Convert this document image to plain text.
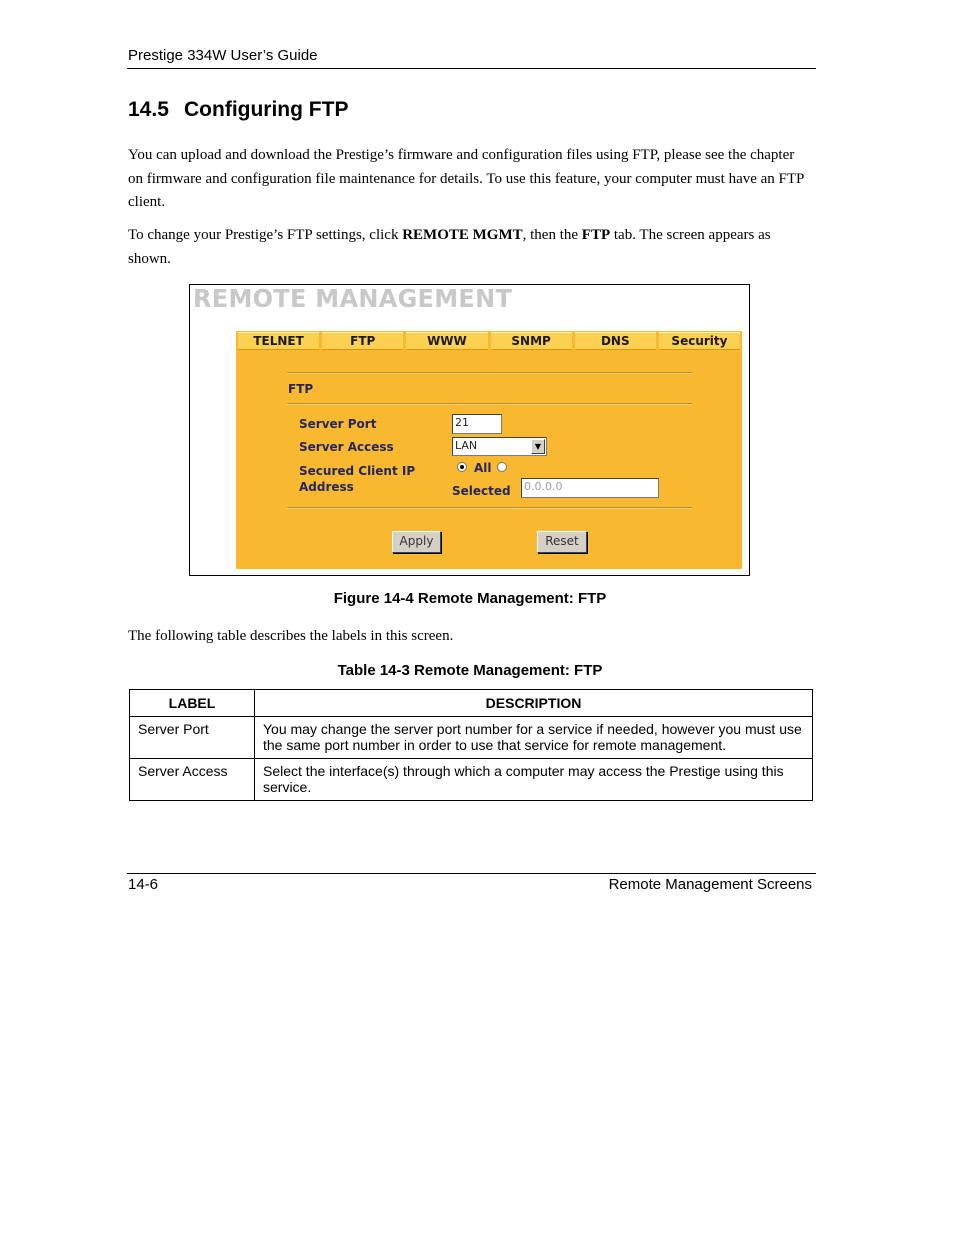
Prestige 334W User’s Guide
14.5 Configuring FTP
You can upload and download the Prestige’s firmware and configuration files using FTP, please see the chapter on firmware and configuration file maintenance for details. To use this feature, your computer must have an FTP client.
To change your Prestige’s FTP settings, click REMOTE MGMT, then the FTP tab. The screen appears as shown.
REMOTE MANAGEMENT
TELNET	FTP	WWW	SNMP	DNS	Security
FTP
Server Port	21
Server Access	LAN	▼
Secured Client IP
Address
All
Selected 0.0.0.0
Apply	Reset
Figure 14-4 Remote Management: FTP
The following table describes the labels in this screen.
Table 14-3 Remote Management: FTP
LABEL	DESCRIPTION
Server Port	You may change the server port number for a service if needed, however you must use the same port number in order to use that service for remote management.
Server Access	Select the interface(s) through which a computer may access the Prestige using this service.
14-6	Remote Management Screens
